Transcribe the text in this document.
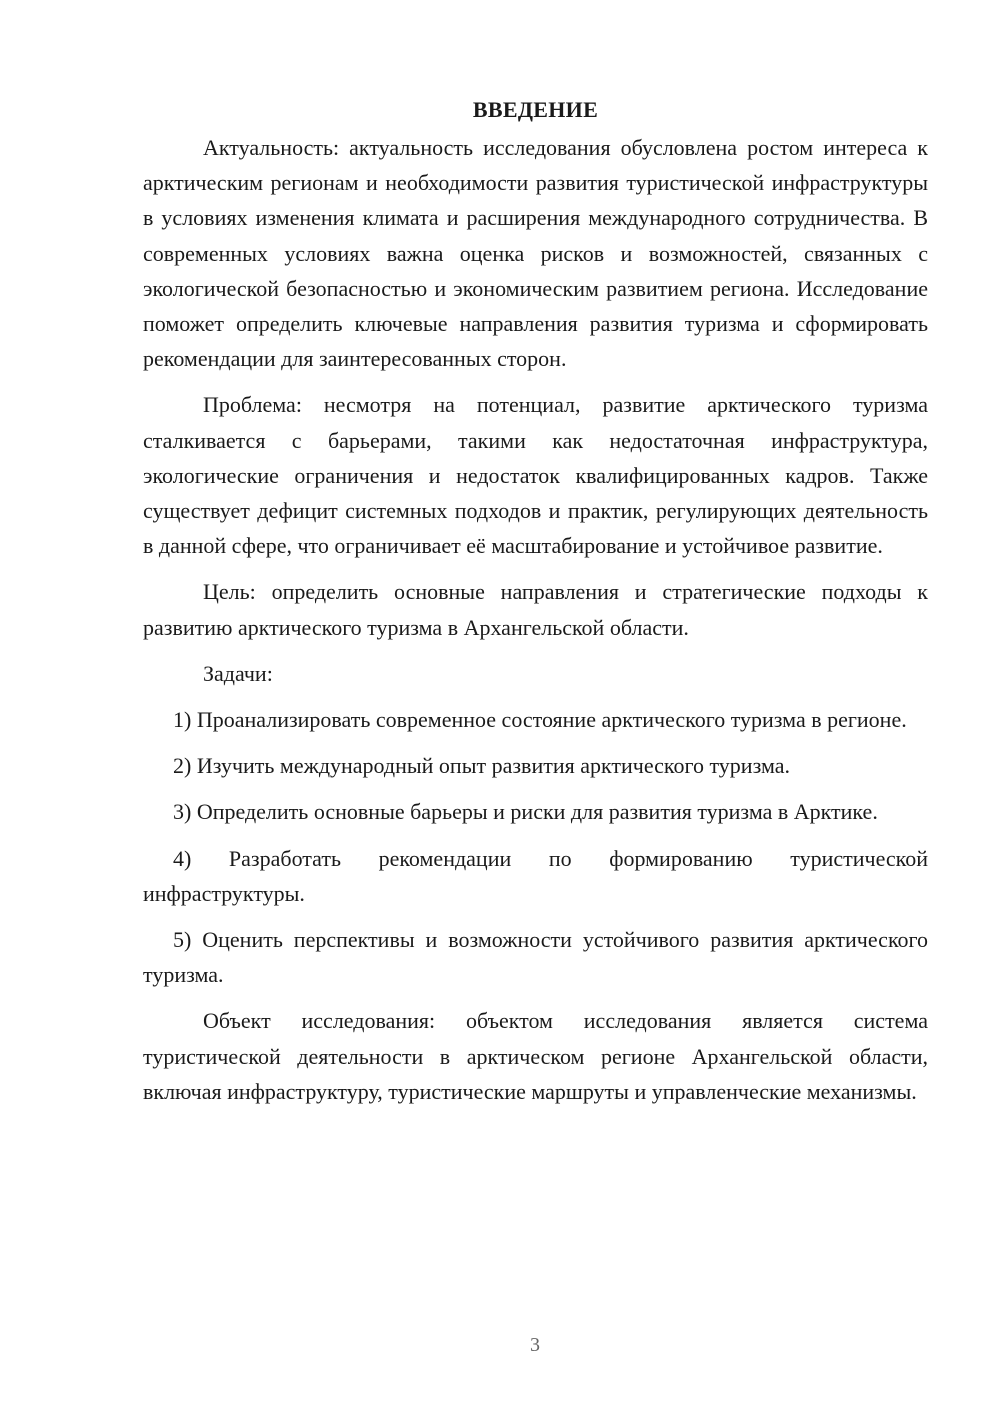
ВВЕДЕНИЕ

Актуальность: актуальность исследования обусловлена ростом интереса к арктическим регионам и необходимости развития туристической инфраструктуры в условиях изменения климата и расширения международного сотрудничества. В современных условиях важна оценка рисков и возможностей, связанных с экологической безопасностью и экономическим развитием региона. Исследование поможет определить ключевые направления развития туризма и сформировать рекомендации для заинтересованных сторон.

Проблема: несмотря на потенциал, развитие арктического туризма сталкивается с барьерами, такими как недостаточная инфраструктура, экологические ограничения и недостаток квалифицированных кадров. Также существует дефицит системных подходов и практик, регулирующих деятельность в данной сфере, что ограничивает её масштабирование и устойчивое развитие.

Цель: определить основные направления и стратегические подходы к развитию арктического туризма в Архангельской области.

Задачи:

1) Проанализировать современное состояние арктического туризма в регионе.

2) Изучить международный опыт развития арктического туризма.

3) Определить основные барьеры и риски для развития туризма в Арктике.

4) Разработать рекомендации по формированию туристической инфраструктуры.

5) Оценить перспективы и возможности устойчивого развития арктического туризма.

Объект исследования: объектом исследования является система туристической деятельности в арктическом регионе Архангельской области, включая инфраструктуру, туристические маршруты и управленческие механизмы.

3
